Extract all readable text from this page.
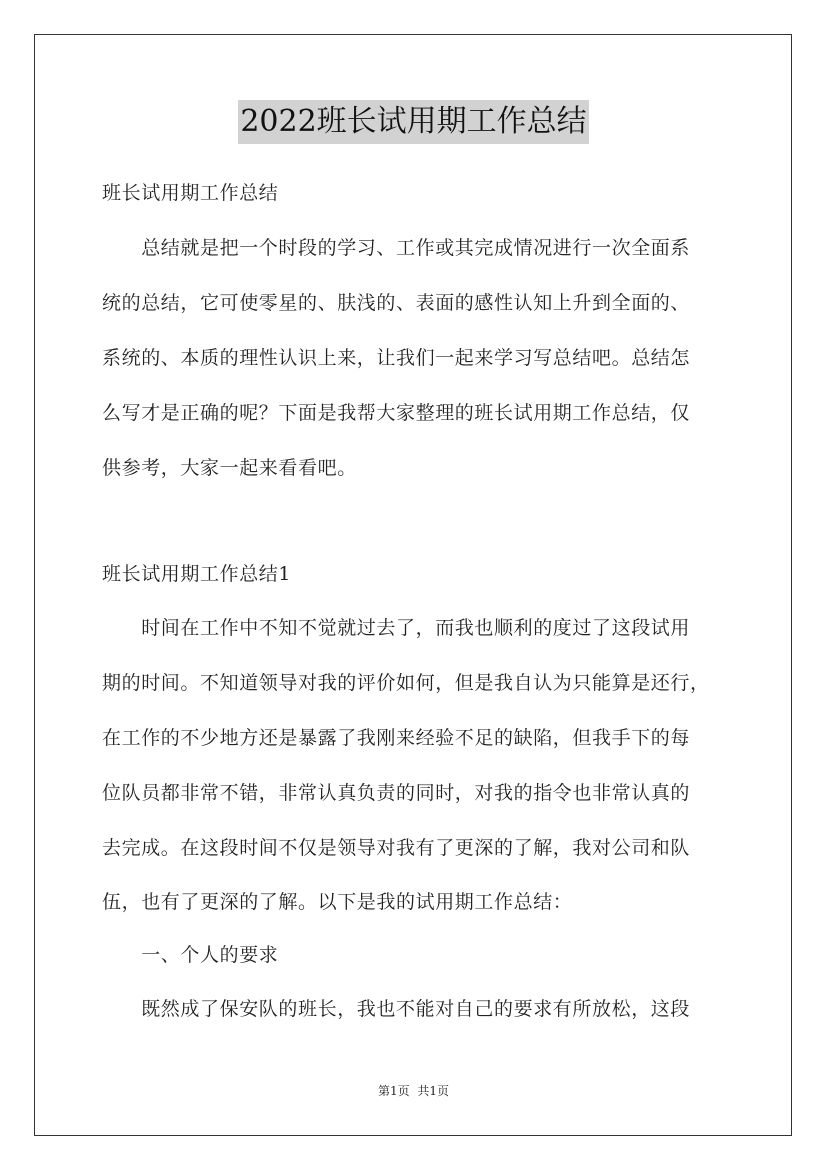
2022班长试用期工作总结
班长试用期工作总结
　　总结就是把一个时段的学习、工作或其完成情况进行一次全面系
统的总结，它可使零星的、肤浅的、表面的感性认知上升到全面的、
系统的、本质的理性认识上来，让我们一起来学习写总结吧。总结怎
么写才是正确的呢？下面是我帮大家整理的班长试用期工作总结，仅
供参考，大家一起来看看吧。
班长试用期工作总结1
　　时间在工作中不知不觉就过去了，而我也顺利的度过了这段试用
期的时间。不知道领导对我的评价如何，但是我自认为只能算是还行，
在工作的不少地方还是暴露了我刚来经验不足的缺陷，但我手下的每
位队员都非常不错，非常认真负责的同时，对我的指令也非常认真的
去完成。在这段时间不仅是领导对我有了更深的了解，我对公司和队
伍，也有了更深的了解。以下是我的试用期工作总结：
　　一、个人的要求
　　既然成了保安队的班长，我也不能对自己的要求有所放松，这段
第1页 共1页
